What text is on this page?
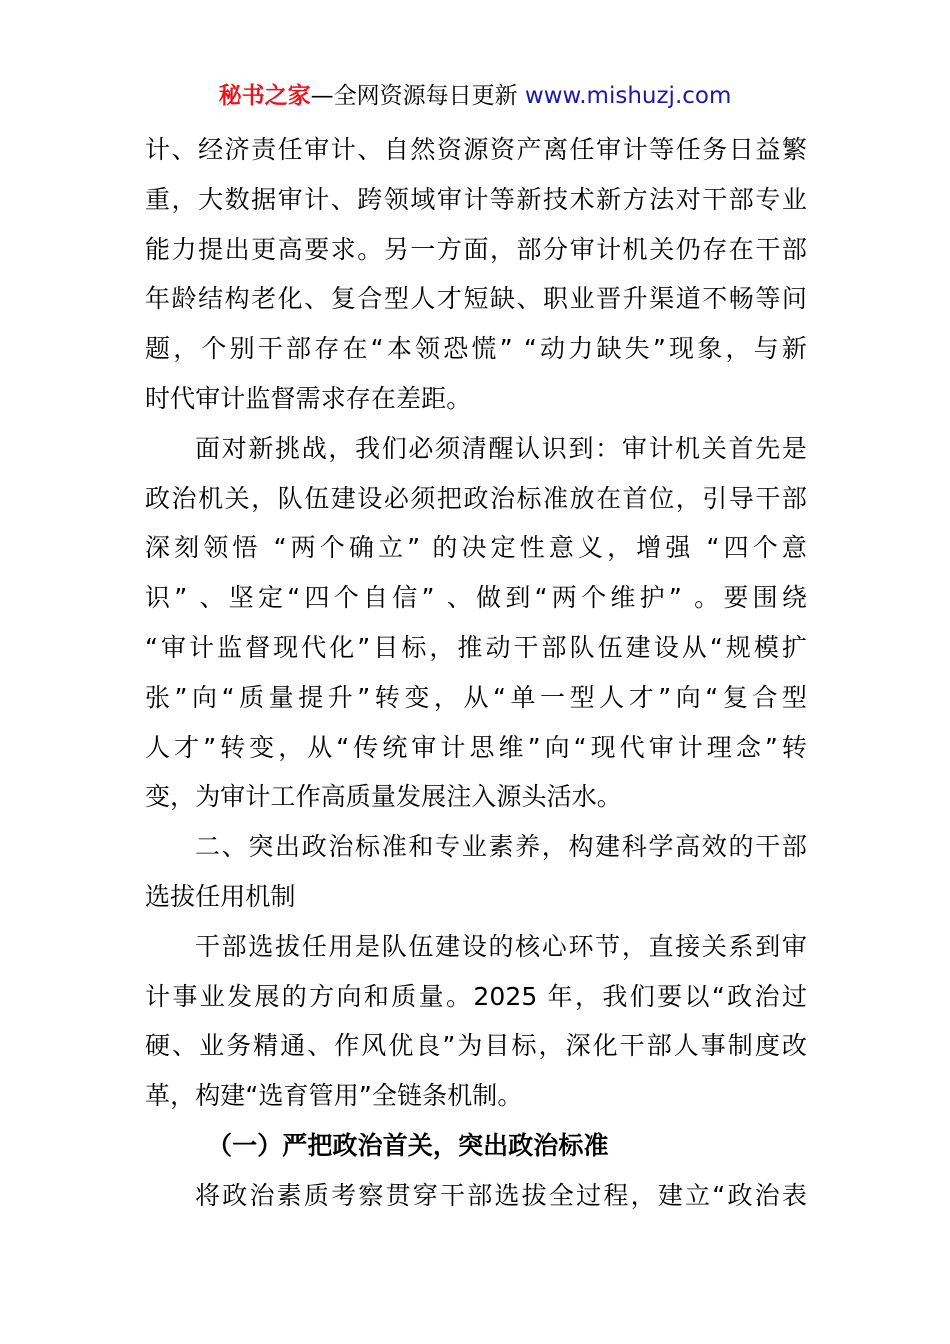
秘书之家—全网资源每日更新 www.mishuzj.com
计、经济责任审计、自然资源资产离任审计等任务日益繁
重，大数据审计、跨领域审计等新技术新方法对干部专业
能力提出更高要求。另一方面，部分审计机关仍存在干部
年龄结构老化、复合型人才短缺、职业晋升渠道不畅等问
题，个别干部存在“本领恐慌” “动力缺失”现象，与新
时代审计监督需求存在差距。
面对新挑战，我们必须清醒认识到：审计机关首先是
政治机关，队伍建设必须把政治标准放在首位，引导干部
深刻领悟 “两个确立” 的决定性意义，增强 “四个意
识” 、坚定“四个自信” 、做到“两个维护” 。要围绕
“审计监督现代化”目标，推动干部队伍建设从“规模扩
张”向“质量提升”转变，从“单一型人才”向“复合型
人才”转变，从“传统审计思维”向“现代审计理念”转
变，为审计工作高质量发展注入源头活水。
二、突出政治标准和专业素养，构建科学高效的干部
选拔任用机制
干部选拔任用是队伍建设的核心环节，直接关系到审
计事业发展的方向和质量。2025 年，我们要以“政治过
硬、业务精通、作风优良”为目标，深化干部人事制度改
革，构建“选育管用”全链条机制。
（一）严把政治首关，突出政治标准
将政治素质考察贯穿干部选拔全过程，建立“政治表
